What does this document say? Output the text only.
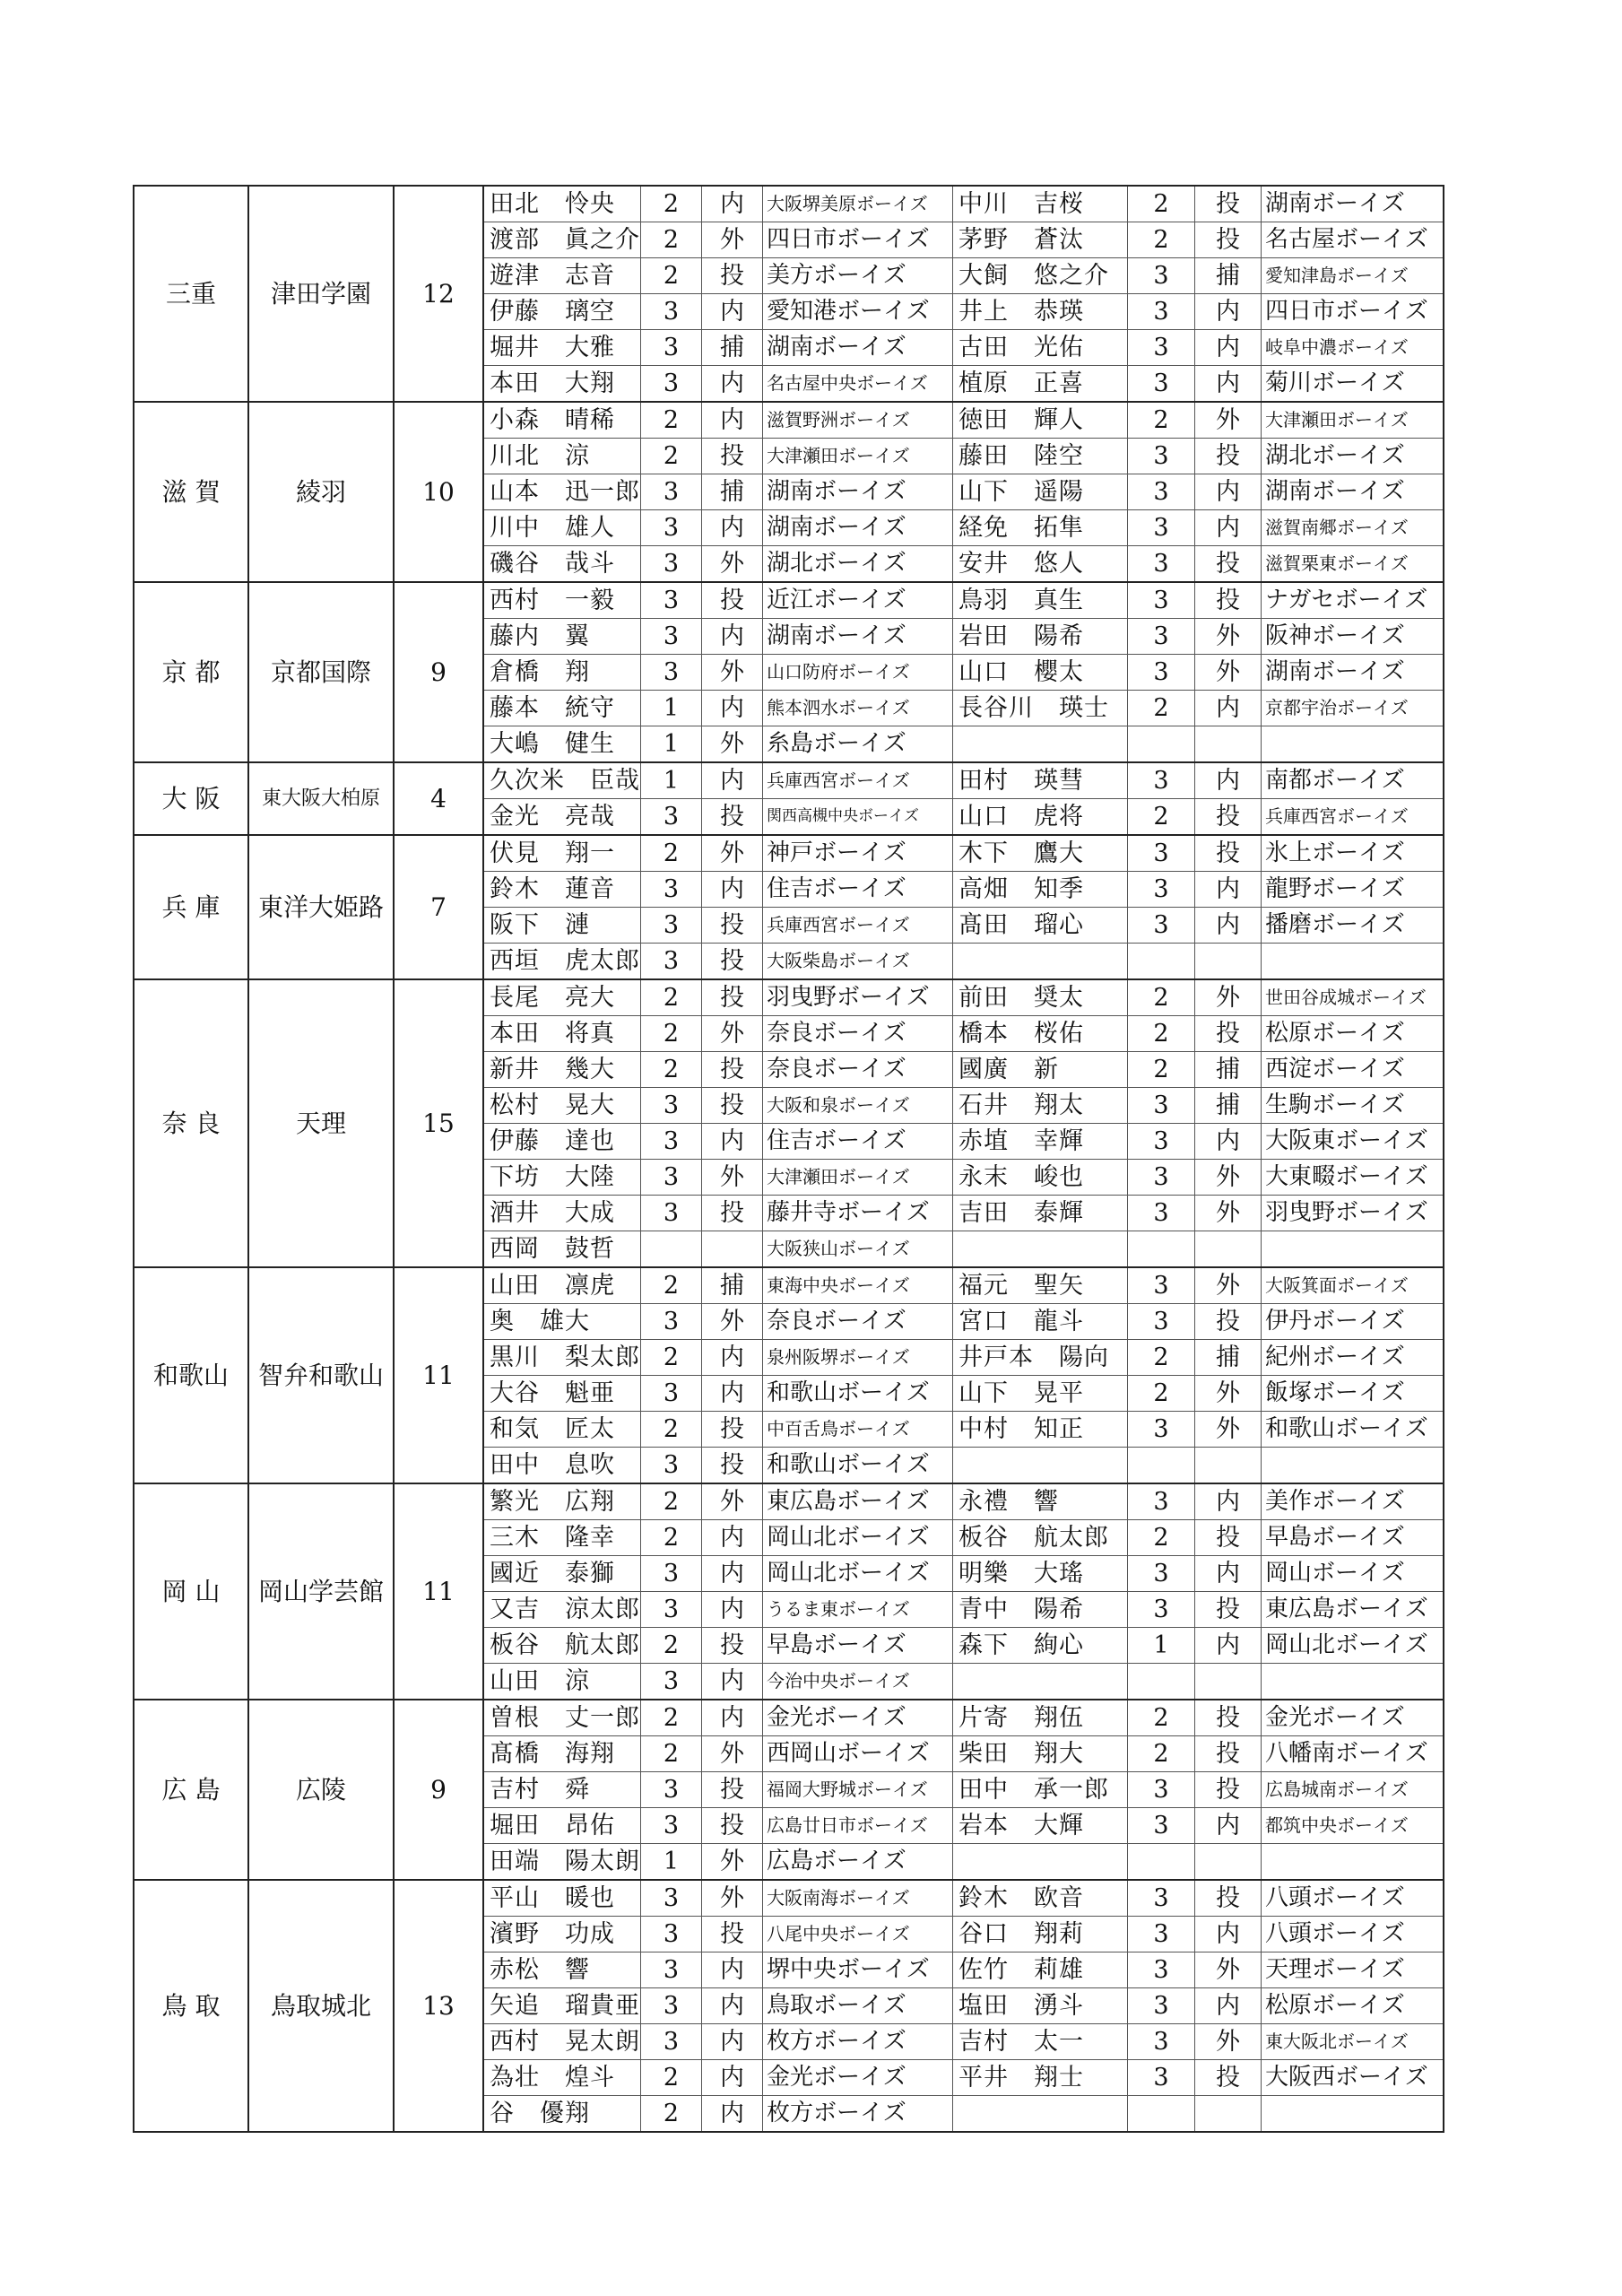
三重	津田学園	12	田北　怜央	2	内	大阪堺美原ボーイズ	中川　吉桜	2	投	湖南ボーイズ
			渡部　眞之介	2	外	四日市ボーイズ	茅野　蒼汰	2	投	名古屋ボーイズ
			遊津　志音	2	投	美方ボーイズ	大飼　悠之介	3	捕	愛知津島ボーイズ
			伊藤　璃空	3	内	愛知港ボーイズ	井上　恭瑛	3	内	四日市ボーイズ
			堀井　大雅	3	捕	湖南ボーイズ	古田　光佑	3	内	岐阜中濃ボーイズ
			本田　大翔	3	内	名古屋中央ボーイズ	植原　正喜	3	内	菊川ボーイズ
滋 賀	綾羽	10	小森　晴稀	2	内	滋賀野洲ボーイズ	徳田　輝人	2	外	大津瀬田ボーイズ
			川北　涼	2	投	大津瀬田ボーイズ	藤田　陸空	3	投	湖北ボーイズ
			山本　迅一郎	3	捕	湖南ボーイズ	山下　遥陽	3	内	湖南ボーイズ
			川中　雄人	3	内	湖南ボーイズ	経免　拓隼	3	内	滋賀南郷ボーイズ
			磯谷　哉斗	3	外	湖北ボーイズ	安井　悠人	3	投	滋賀栗東ボーイズ
京 都	京都国際	9	西村　一毅	3	投	近江ボーイズ	鳥羽　真生	3	投	ナガセボーイズ
			藤内　翼	3	内	湖南ボーイズ	岩田　陽希	3	外	阪神ボーイズ
			倉橋　翔	3	外	山口防府ボーイズ	山口　櫻太	3	外	湖南ボーイズ
			藤本　統守	1	内	熊本泗水ボーイズ	長谷川　瑛士	2	内	京都宇治ボーイズ
			大嶋　健生	1	外	糸島ボーイズ				
大 阪	東大阪大柏原	4	久次米　臣哉	1	内	兵庫西宮ボーイズ	田村　瑛彗	3	内	南都ボーイズ
			金光　亮哉	3	投	関西高槻中央ボーイズ	山口　虎将	2	投	兵庫西宮ボーイズ
兵 庫	東洋大姫路	7	伏見　翔一	2	外	神戸ボーイズ	木下　鷹大	3	投	氷上ボーイズ
			鈴木　蓮音	3	内	住吉ボーイズ	高畑　知季	3	内	龍野ボーイズ
			阪下　漣	3	投	兵庫西宮ボーイズ	髙田　瑠心	3	内	播磨ボーイズ
			西垣　虎太郎	3	投	大阪柴島ボーイズ				
奈 良	天理	15	長尾　亮大	2	投	羽曳野ボーイズ	前田　奨太	2	外	世田谷成城ボーイズ
			本田　将真	2	外	奈良ボーイズ	橋本　桜佑	2	投	松原ボーイズ
			新井　幾大	2	投	奈良ボーイズ	國廣　新	2	捕	西淀ボーイズ
			松村　晃大	3	投	大阪和泉ボーイズ	石井　翔太	3	捕	生駒ボーイズ
			伊藤　達也	3	内	住吉ボーイズ	赤埴　幸輝	3	内	大阪東ボーイズ
			下坊　大陸	3	外	大津瀬田ボーイズ	永末　峻也	3	外	大東畷ボーイズ
			酒井　大成	3	投	藤井寺ボーイズ	吉田　泰輝	3	外	羽曳野ボーイズ
			西岡　鼓哲			大阪狭山ボーイズ				
和歌山	智弁和歌山	11	山田　凛虎	2	捕	東海中央ボーイズ	福元　聖矢	3	外	大阪箕面ボーイズ
			奥　雄大	3	外	奈良ボーイズ	宮口　龍斗	3	投	伊丹ボーイズ
			黒川　梨太郎	2	内	泉州阪堺ボーイズ	井戸本　陽向	2	捕	紀州ボーイズ
			大谷　魁亜	3	内	和歌山ボーイズ	山下　晃平	2	外	飯塚ボーイズ
			和気　匠太	2	投	中百舌鳥ボーイズ	中村　知正	3	外	和歌山ボーイズ
			田中　息吹	3	投	和歌山ボーイズ				
岡 山	岡山学芸館	11	繁光　広翔	2	外	東広島ボーイズ	永禮　響	3	内	美作ボーイズ
			三木　隆幸	2	内	岡山北ボーイズ	板谷　航太郎	2	投	早島ボーイズ
			國近　泰獅	3	内	岡山北ボーイズ	明樂　大瑤	3	内	岡山ボーイズ
			又吉　涼太郎	3	内	うるま東ボーイズ	青中　陽希	3	投	東広島ボーイズ
			板谷　航太郎	2	投	早島ボーイズ	森下　絢心	1	内	岡山北ボーイズ
			山田　涼	3	内	今治中央ボーイズ				
広 島	広陵	9	曽根　丈一郎	2	内	金光ボーイズ	片寄　翔伍	2	投	金光ボーイズ
			髙橋　海翔	2	外	西岡山ボーイズ	柴田　翔大	2	投	八幡南ボーイズ
			吉村　舜	3	投	福岡大野城ボーイズ	田中　承一郎	3	投	広島城南ボーイズ
			堀田　昂佑	3	投	広島廿日市ボーイズ	岩本　大輝	3	内	都筑中央ボーイズ
			田端　陽太朗	1	外	広島ボーイズ				
鳥 取	鳥取城北	13	平山　暖也	3	外	大阪南海ボーイズ	鈴木　欧音	3	投	八頭ボーイズ
			濱野　功成	3	投	八尾中央ボーイズ	谷口　翔莉	3	内	八頭ボーイズ
			赤松　響	3	内	堺中央ボーイズ	佐竹　莉雄	3	外	天理ボーイズ
			矢追　瑠貴亜	3	内	鳥取ボーイズ	塩田　湧斗	3	内	松原ボーイズ
			西村　晃太朗	3	内	枚方ボーイズ	吉村　太一	3	外	東大阪北ボーイズ
			為壮　煌斗	2	内	金光ボーイズ	平井　翔士	3	投	大阪西ボーイズ
			谷　優翔	2	内	枚方ボーイズ				
